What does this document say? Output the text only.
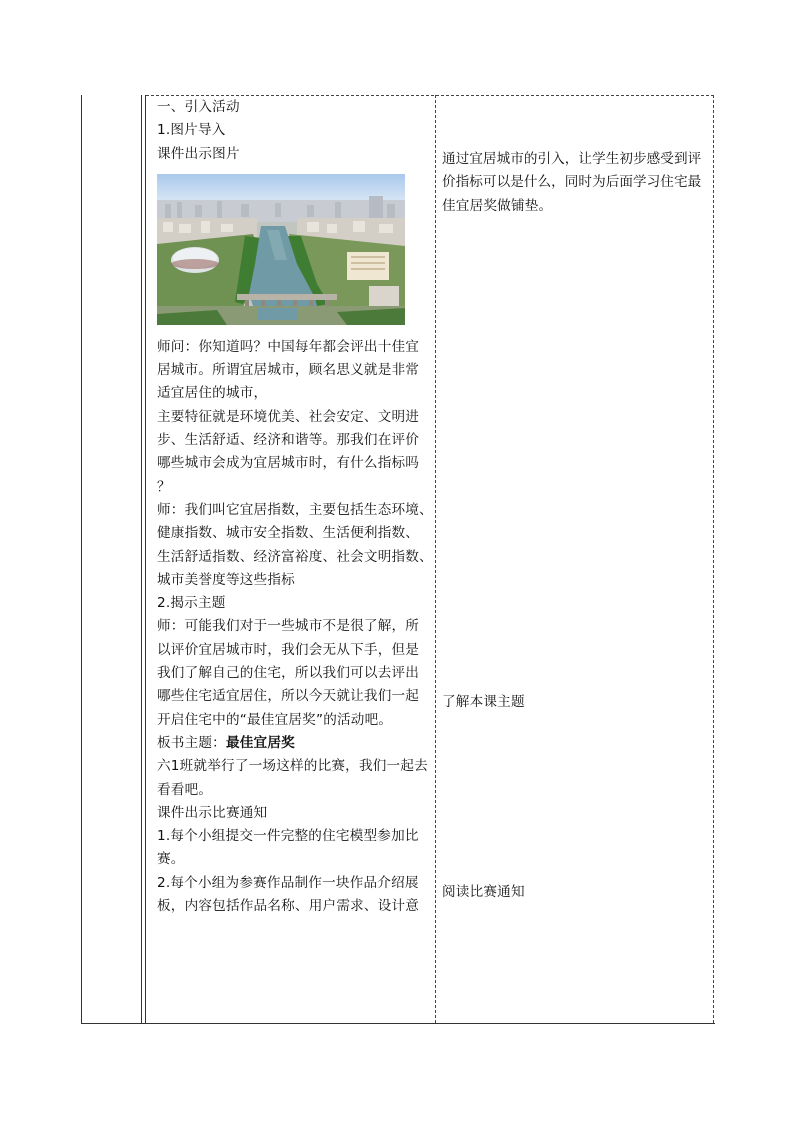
一、引入活动
1.图片导入
课件出示图片
师问：你知道吗？中国每年都会评出十佳宜
居城市。所谓宜居城市，顾名思义就是非常
适宜居住的城市，
主要特征就是环境优美、社会安定、文明进
步、生活舒适、经济和谐等。那我们在评价
哪些城市会成为宜居城市时，有什么指标吗
？
师：我们叫它宜居指数，主要包括生态环境、
健康指数、城市安全指数、生活便利指数、
生活舒适指数、经济富裕度、社会文明指数、
城市美誉度等这些指标
2.揭示主题
师：可能我们对于一些城市不是很了解，所
以评价宜居城市时，我们会无从下手，但是
我们了解自己的住宅，所以我们可以去评出
哪些住宅适宜居住，所以今天就让我们一起
开启住宅中的“最佳宜居奖”的活动吧。
板书主题：最佳宜居奖
六1班就举行了一场这样的比赛，我们一起去
看看吧。
课件出示比赛通知
1.每个小组提交一件完整的住宅模型参加比
赛。
2.每个小组为参赛作品制作一块作品介绍展
板，内容包括作品名称、用户需求、设计意
通过宜居城市的引入，让学生初步感受到评
价指标可以是什么，同时为后面学习住宅最
佳宜居奖做铺垫。
了解本课主题
阅读比赛通知
